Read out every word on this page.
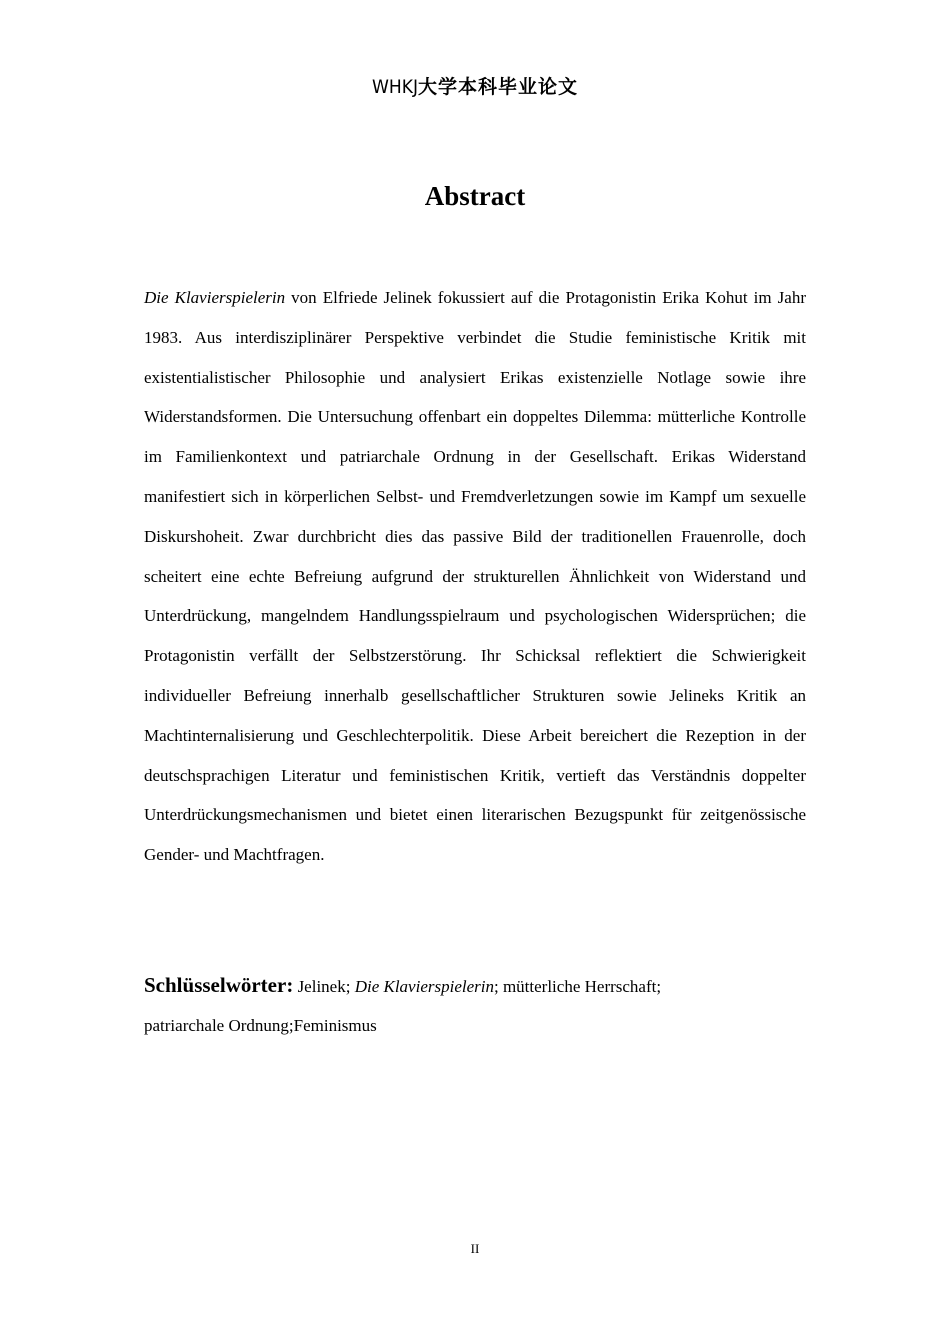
WHKJ大学本科毕业论文
Abstract

Die Klavierspielerin von Elfriede Jelinek fokussiert auf die Protagonistin Erika Kohut im Jahr 1983. Aus interdisziplinärer Perspektive verbindet die Studie feministische Kritik mit existentialistischer Philosophie und analysiert Erikas existenzielle Notlage sowie ihre Widerstandsformen. Die Untersuchung offenbart ein doppeltes Dilemma: mütterliche Kontrolle im Familienkontext und patriarchale Ordnung in der Gesellschaft. Erikas Widerstand manifestiert sich in körperlichen Selbst- und Fremdverletzungen sowie im Kampf um sexuelle Diskurshoheit. Zwar durchbricht dies das passive Bild der traditionellen Frauenrolle, doch scheitert eine echte Befreiung aufgrund der strukturellen Ähnlichkeit von Widerstand und Unterdrückung, mangelndem Handlungsspielraum und psychologischen Widersprüchen; die Protagonistin verfällt der Selbstzerstörung. Ihr Schicksal reflektiert die Schwierigkeit individueller Befreiung innerhalb gesellschaftlicher Strukturen sowie Jelineks Kritik an Machtinternalisierung und Geschlechterpolitik. Diese Arbeit bereichert die Rezeption in der deutschsprachigen Literatur und feministischen Kritik, vertieft das Verständnis doppelter Unterdrückungsmechanismen und bietet einen literarischen Bezugspunkt für zeitgenössische Gender- und Machtfragen.

Schlüsselwörter: Jelinek; Die Klavierspielerin; mütterliche Herrschaft;
patriarchale Ordnung;Feminismus

II
